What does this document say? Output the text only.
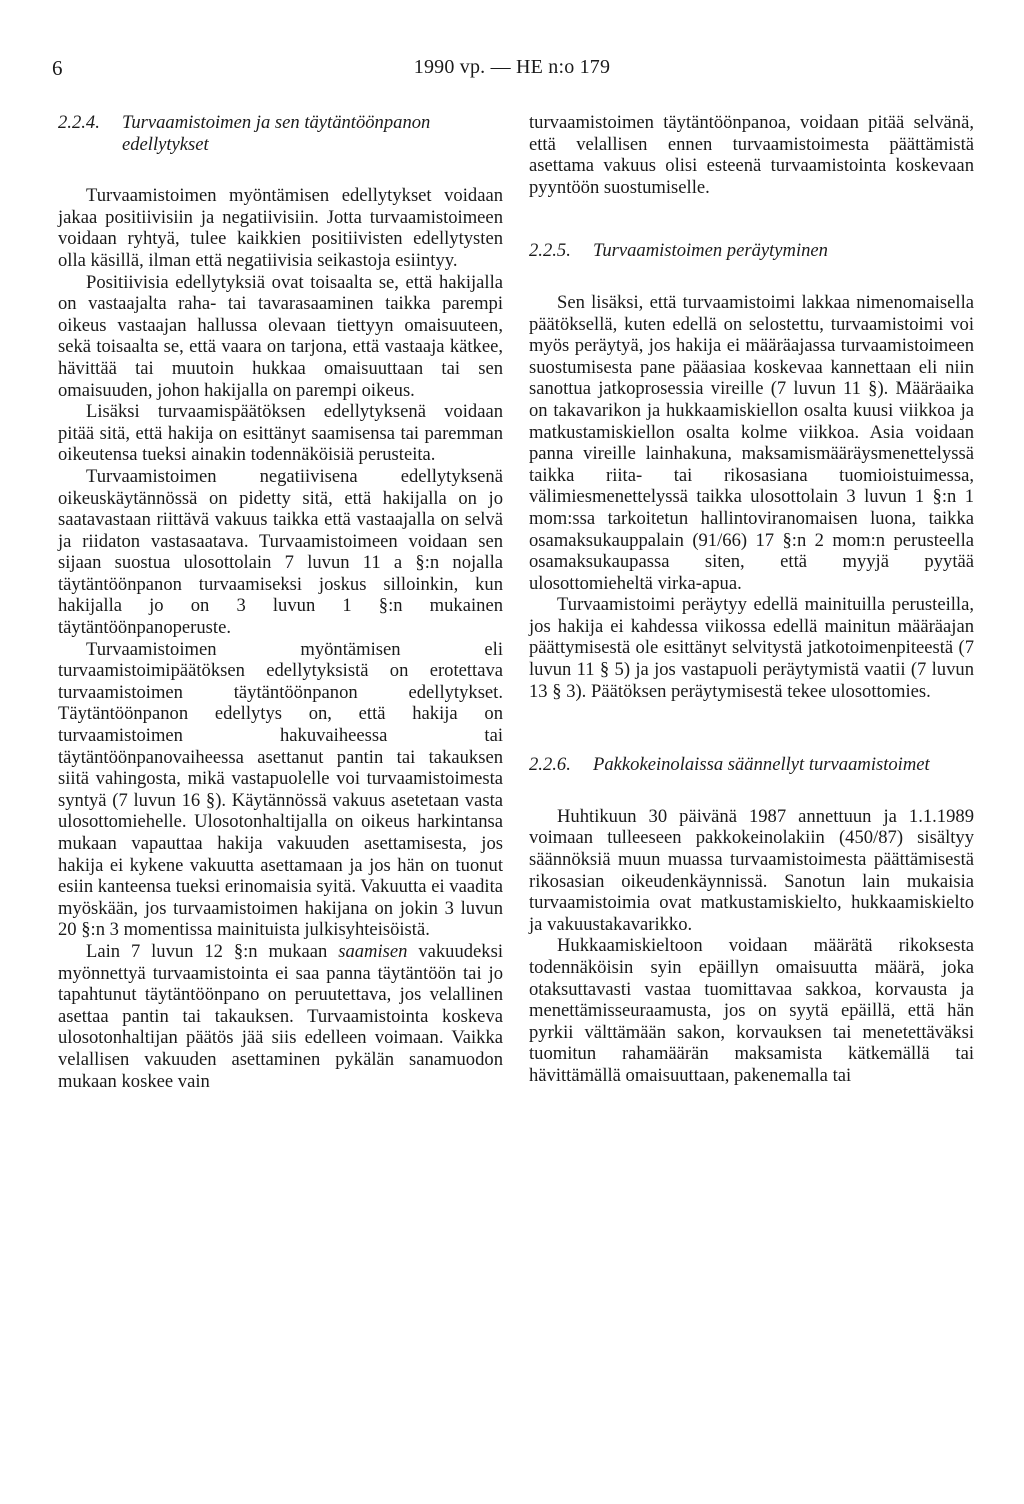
6	1990 vp. — HE n:o 179
2.2.4.	Turvaamistoimen ja sen täytäntöönpanon edellytykset

Turvaamistoimen myöntämisen edellytykset voidaan jakaa positiivisiin ja negatiivisiin. Jotta turvaamistoimeen voidaan ryhtyä, tulee kaikkien positiivisten edellytysten olla käsillä, ilman että negatiivisia seikastoja esiintyy.

Positiivisia edellytyksiä ovat toisaalta se, että hakijalla on vastaajalta raha- tai tavarasaaminen taikka parempi oikeus vastaajan hallussa olevaan tiettyyn omaisuuteen, sekä toisaalta se, että vaara on tarjona, että vastaaja kätkee, hävittää tai muutoin hukkaa omaisuuttaan tai sen omaisuuden, johon hakijalla on parempi oikeus.

Lisäksi turvaamispäätöksen edellytyksenä voidaan pitää sitä, että hakija on esittänyt saamisensa tai paremman oikeutensa tueksi ainakin todennäköisiä perusteita.

Turvaamistoimen negatiivisena edellytyksenä oikeuskäytännössä on pidetty sitä, että hakijalla on jo saatavastaan riittävä vakuus taikka että vastaajalla on selvä ja riidaton vastasaatava. Turvaamistoimeen voidaan sen sijaan suostua ulosottolain 7 luvun 11 a §:n nojalla täytäntöönpanon turvaamiseksi joskus silloinkin, kun hakijalla jo on 3 luvun 1 §:n mukainen täytäntöönpanoperuste.

Turvaamistoimen myöntämisen eli turvaamistoimipäätöksen edellytyksistä on erotettava turvaamistoimen täytäntöönpanon edellytykset. Täytäntöönpanon edellytys on, että hakija on turvaamistoimen hakuvaiheessa tai täytäntöönpanovaiheessa asettanut pantin tai takauksen siitä vahingosta, mikä vastapuolelle voi turvaamistoimesta syntyä (7 luvun 16 §). Käytännössä vakuus asetetaan vasta ulosottomiehelle. Ulosotonhaltijalla on oikeus harkintansa mukaan vapauttaa hakija vakuuden asettamisesta, jos hakija ei kykene vakuutta asettamaan ja jos hän on tuonut esiin kanteensa tueksi erinomaisia syitä. Vakuutta ei vaadita myöskään, jos turvaamistoimen hakijana on jokin 3 luvun 20 §:n 3 momentissa mainituista julkisyhteisöistä.

Lain 7 luvun 12 §:n mukaan saamisen vakuudeksi myönnettyä turvaamistointa ei saa panna täytäntöön tai jo tapahtunut täytäntöönpano on peruutettava, jos velallinen asettaa pantin tai takauksen. Turvaamistointa koskeva ulosotonhaltijan päätös jää siis edelleen voimaan. Vaikka velallisen vakuuden asettaminen pykälän sanamuodon mukaan koskee vain

turvaamistoimen täytäntöönpanoa, voidaan pitää selvänä, että velallisen ennen turvaamistoimesta päättämistä asettama vakuus olisi esteenä turvaamistointa koskevaan pyyntöön suostumiselle.

2.2.5.	Turvaamistoimen peräytyminen

Sen lisäksi, että turvaamistoimi lakkaa nimenomaisella päätöksellä, kuten edellä on selostettu, turvaamistoimi voi myös peräytyä, jos hakija ei määräajassa turvaamistoimeen suostumisesta pane pääasiaa koskevaa kannettaan eli niin sanottua jatkoprosessia vireille (7 luvun 11 §). Määräaika on takavarikon ja hukkaamiskiellon osalta kuusi viikkoa ja matkustamiskiellon osalta kolme viikkoa. Asia voidaan panna vireille lainhakuna, maksamismääräysmenettelyssä taikka riita- tai rikosasiana tuomioistuimessa, välimiesmenettelyssä taikka ulosottolain 3 luvun 1 §:n 1 mom:ssa tarkoitetun hallintoviranomaisen luona, taikka osamaksukauppalain (91/66) 17 §:n 2 mom:n perusteella osamaksukaupassa siten, että myyjä pyytää ulosottomieheltä virka-apua.

Turvaamistoimi peräytyy edellä mainituilla perusteilla, jos hakija ei kahdessa viikossa edellä mainitun määräajan päättymisestä ole esittänyt selvitystä jatkotoimenpiteestä (7 luvun 11 § 5) ja jos vastapuoli peräytymistä vaatii (7 luvun 13 § 3). Päätöksen peräytymisestä tekee ulosottomies.

2.2.6.	Pakkokeinolaissa säännellyt turvaamistoimet

Huhtikuun 30 päivänä 1987 annettuun ja 1.1.1989 voimaan tulleeseen pakkokeinolakiin (450/87) sisältyy säännöksiä muun muassa turvaamistoimesta päättämisestä rikosasian oikeudenkäynnissä. Sanotun lain mukaisia turvaamistoimia ovat matkustamiskielto, hukkaamiskielto ja vakuustakavarikko.

Hukkaamiskieltoon voidaan määrätä rikoksesta todennäköisin syin epäillyn omaisuutta määrä, joka otaksuttavasti vastaa tuomittavaa sakkoa, korvausta ja menettämisseuraamusta, jos on syytä epäillä, että hän pyrkii välttämään sakon, korvauksen tai menetettäväksi tuomitun rahamäärän maksamista kätkemällä tai hävittämällä omaisuuttaan, pakenemalla tai
